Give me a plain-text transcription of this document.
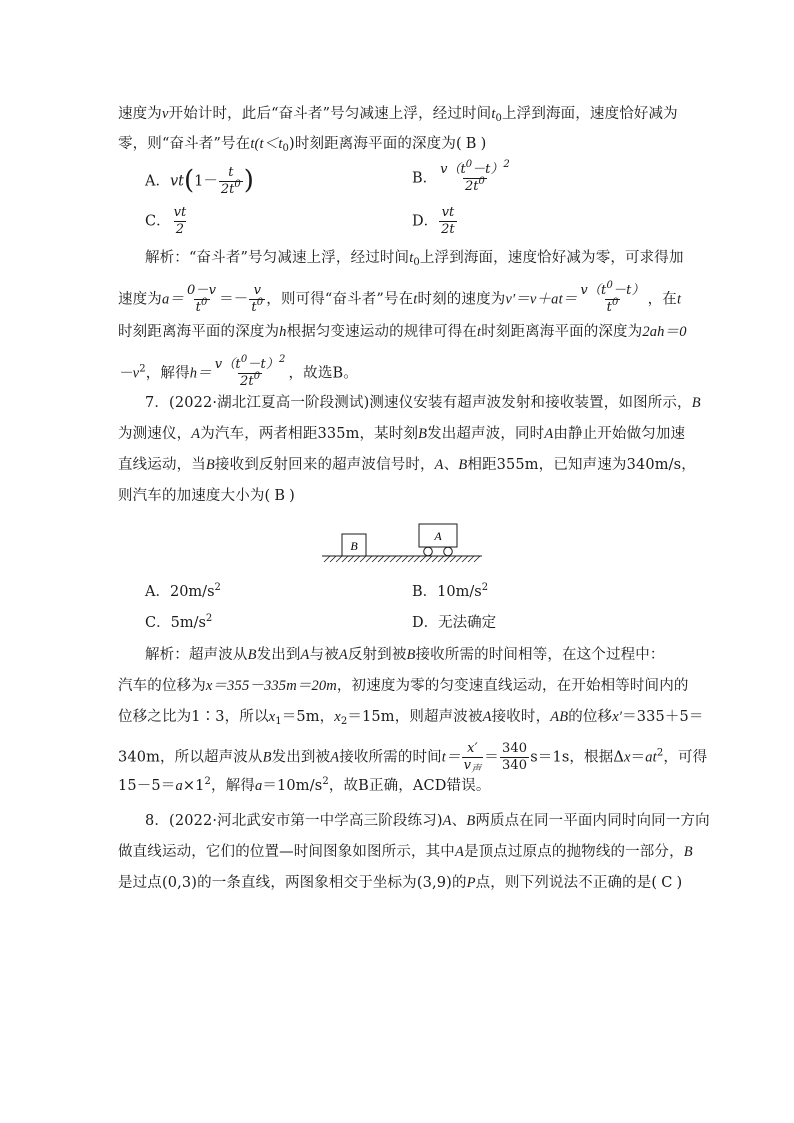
速度为v开始计时，此后“奋斗者”号匀减速上浮，经过时间$t_0$上浮到海面，速度恰好减为
零，则“奋斗者”号在$t(t<t_0)$时刻距离海平面的深度为( B )
A．$vt(1- \frac{t}{2t^0}$ )	B． $\frac{v(t^0-t)^2}{2t^0}$
C． $\frac{vt}{2}$	D． $\frac{vt}{2t}$
解析：“奋斗者”号匀减速上浮，经过时间$t_0$上浮到海面，速度恰好减为零，可求得加
速度为$a= \frac{0-v}{t^0} =- \frac{v}{t^0}$ ，则可得“奋斗者”号在t时刻的速度为$v'=v+at= \frac{v(t^0-t)}{t^0}$ ，在t
时刻距离海平面的深度为h根据匀变速运动的规律可得在t时刻距离海平面的深度为2ah＝0
$-v^2$，解得$h= \frac{v(t^0-t)^2}{2t^0}$ ，故选B。
7．(2022·湖北江夏高一阶段测试)测速仪安装有超声波发射和接收装置，如图所示，B
为测速仪，A为汽车，两者相距335m，某时刻B发出超声波，同时A由静止开始做匀加速
直线运动，当B接收到反射回来的超声波信号时，A、B相距355m，已知声速为340m/s，
则汽车的加速度大小为( B )
B
A
A．$20m/s^2$	B．$10m/s^2$
C．$5m/s^2$	D．无法确定
解析：超声波从B发出到A与被A反射到被B接收所需的时间相等，在这个过程中：
汽车的位移为x＝355－335m＝20m，初速度为零的匀变速直线运动，在开始相等时间内的
位移之比为1∶3，所以$x_1=5m$，$x_2=15m$，则超声波被A接收时，AB的位移x′＝335＋5＝
340m，所以超声波从B发出到被A接收所需的时间$t= \frac{x'}{v_声} = \frac{340}{340} s=1s$，根据$\Delta x=at^2$，可得
$15-5=a\times 1^2$，解得$a=10m/s^2$，故B正确，ACD错误。
8．(2022·河北武安市第一中学高三阶段练习)A、B两质点在同一平面内同时向同一方向
做直线运动，它们的位置—时间图象如图所示，其中A是顶点过原点的抛物线的一部分，B
是过点(0,3)的一条直线，两图象相交于坐标为(3,9)的P点，则下列说法不正确的是( C )
